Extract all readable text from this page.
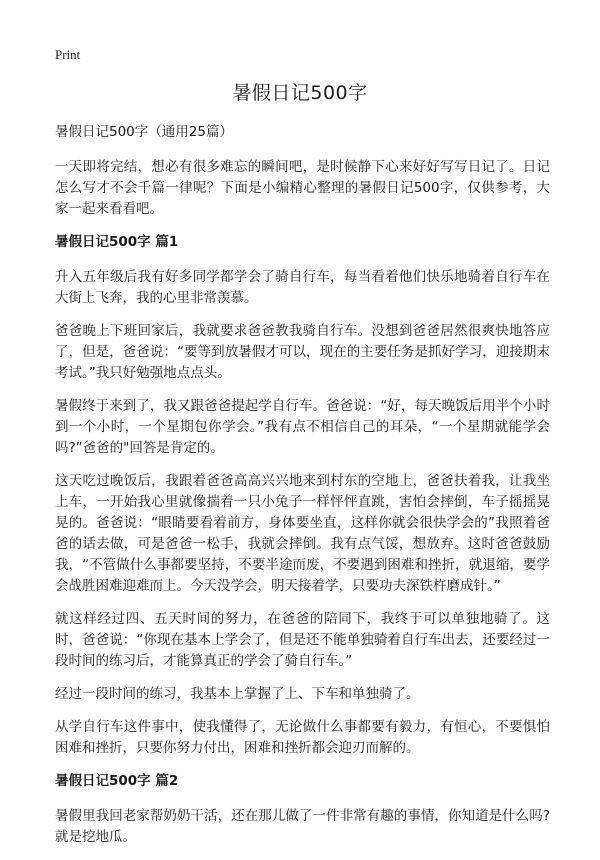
Print
暑假日记500字

暑假日记500字（通用25篇）

一天即将完结，想必有很多难忘的瞬间吧，是时候静下心来好好写写日记了。日记怎么写才不会千篇一律呢？下面是小编精心整理的暑假日记500字，仅供参考，大家一起来看看吧。

暑假日记500字 篇1

升入五年级后我有好多同学都学会了骑自行车，每当看着他们快乐地骑着自行车在大街上飞奔，我的心里非常羡慕。

爸爸晚上下班回家后，我就要求爸爸教我骑自行车。没想到爸爸居然很爽快地答应了，但是，爸爸说：“要等到放暑假才可以，现在的主要任务是抓好学习，迎接期末考试。”我只好勉强地点点头。

暑假终于来到了，我又跟爸爸提起学自行车。爸爸说：“好，每天晚饭后用半个小时到一个小时，一个星期包你学会。”我有点不相信自己的耳朵，“一个星期就能学会吗?”爸爸的"回答是肯定的。

这天吃过晚饭后，我跟着爸爸高高兴兴地来到村东的空地上，爸爸扶着我，让我坐上车，一开始我心里就像揣着一只小兔子一样怦怦直跳，害怕会摔倒，车子摇摇晃晃的。爸爸说：“眼睛要看着前方，身体要坐直，这样你就会很快学会的”我照着爸爸的话去做，可是爸爸一松手，我就会摔倒。我有点气馁，想放弃。这时爸爸鼓励我，“不管做什么事都要坚持，不要半途而废，不要遇到困难和挫折，就退缩，要学会战胜困难迎难而上。今天没学会，明天接着学，只要功夫深铁杵磨成针。”

就这样经过四、五天时间的努力，在爸爸的陪同下，我终于可以单独地骑了。这时，爸爸说：“你现在基本上学会了，但是还不能单独骑着自行车出去，还要经过一段时间的练习后，才能算真正的学会了骑自行车。”

经过一段时间的练习，我基本上掌握了上、下车和单独骑了。

从学自行车这件事中，使我懂得了，无论做什么事都要有毅力，有恒心，不要惧怕困难和挫折，只要你努力付出，困难和挫折都会迎刃而解的。

暑假日记500字 篇2

暑假里我回老家帮奶奶干活，还在那儿做了一件非常有趣的事情，你知道是什么吗?就是挖地瓜。
